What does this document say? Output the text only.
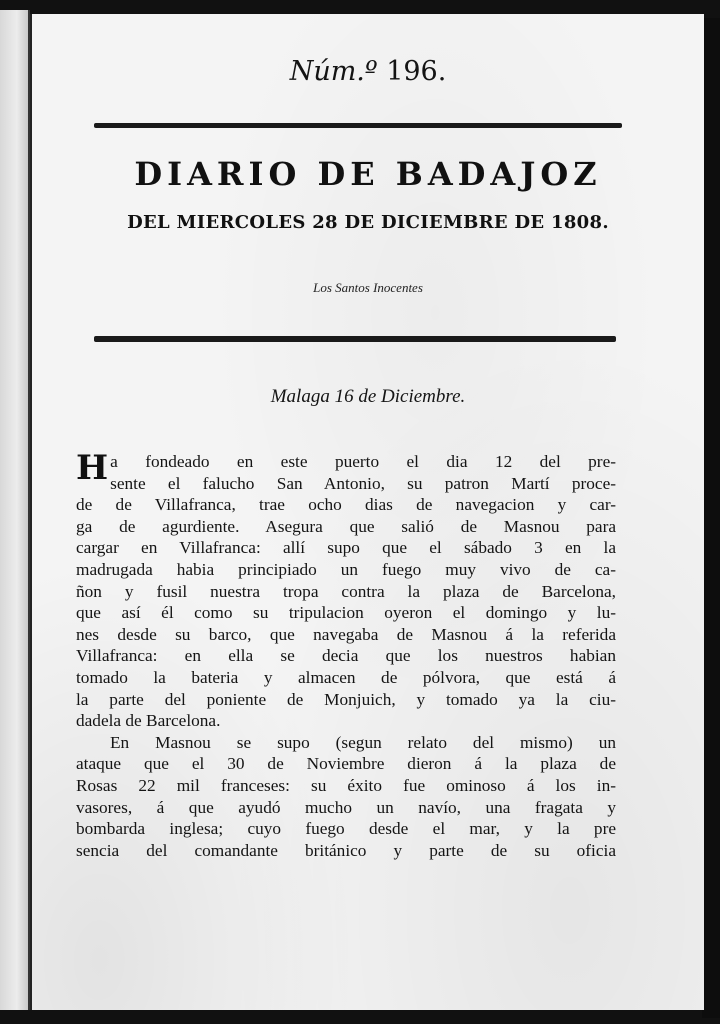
Núm.º 196.
DIARIO DE BADAJOZ
DEL MIERCOLES 28 DE DICIEMBRE DE 1808.
Los Santos Inocentes
Malaga 16 de Diciembre.
H a fondeado en este puerto el dia 12 del pre-
sente el falucho San Antonio, su patron Martí proce-
de de Villafranca, trae ocho dias de navegacion y car-
ga de agurdiente. Asegura que salió de Masnou para
cargar en Villafranca: allí supo que el sábado 3 en la
madrugada habia principiado un fuego muy vivo de ca-
ñon y fusil nuestra tropa contra la plaza de Barcelona,
que así él como su tripulacion oyeron el domingo y lu-
nes desde su barco, que navegaba de Masnou á la referida
Villafranca: en ella se decia que los nuestros habian
tomado la bateria y almacen de pólvora, que está á
la parte del poniente de Monjuich, y tomado ya la ciu-
dadela de Barcelona.
En Masnou se supo (segun relato del mismo) un
ataque que el 30 de Noviembre dieron á la plaza de
Rosas 22 mil franceses: su éxito fue ominoso á los in-
vasores, á que ayudó mucho un navío, una fragata y
bombarda inglesa; cuyo fuego desde el mar, y la pre
sencia del comandante británico y parte de su oficia
